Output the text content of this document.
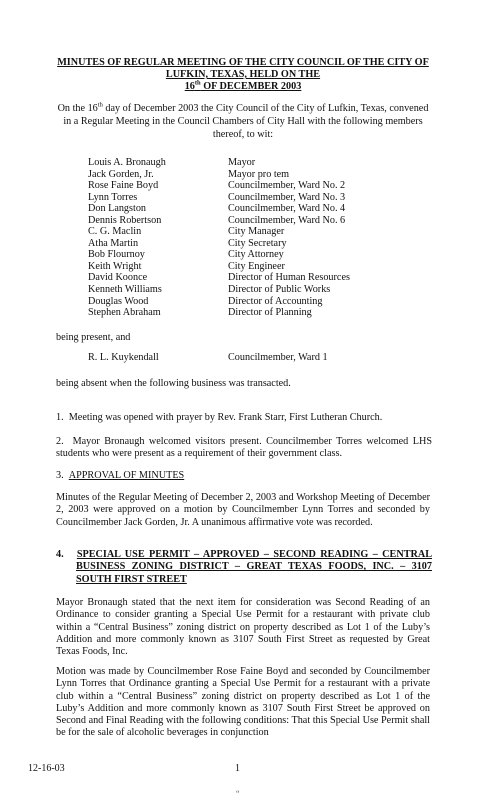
MINUTES OF REGULAR MEETING OF THE CITY COUNCIL OF THE CITY OF
LUFKIN, TEXAS, HELD ON THE
16th OF DECEMBER 2003
On the 16th day of December 2003 the City Council of the City of Lufkin, Texas, convened in a Regular Meeting in the Council Chambers of City Hall with the following members thereof, to wit:
Louis A. Bronaugh	Mayor
Jack Gorden, Jr.	Mayor pro tem
Rose Faine Boyd	Councilmember, Ward No. 2
Lynn Torres	Councilmember, Ward No. 3
Don Langston	Councilmember, Ward No. 4
Dennis Robertson	Councilmember, Ward No. 6
C. G. Maclin	City Manager
Atha Martin	City Secretary
Bob Flournoy	City Attorney
Keith Wright	City Engineer
David Koonce	Director of Human Resources
Kenneth Williams	Director of Public Works
Douglas Wood	Director of Accounting
Stephen Abraham	Director of Planning
being present, and
R. L. Kuykendall	Councilmember, Ward 1
being absent when the following business was transacted.
1. Meeting was opened with prayer by Rev. Frank Starr, First Lutheran Church.
2. Mayor Bronaugh welcomed visitors present. Councilmember Torres welcomed LHS students who were present as a requirement of their government class.
3. APPROVAL OF MINUTES
Minutes of the Regular Meeting of December 2, 2003 and Workshop Meeting of December 2, 2003 were approved on a motion by Councilmember Lynn Torres and seconded by Councilmember Jack Gorden, Jr. A unanimous affirmative vote was recorded.
4. SPECIAL USE PERMIT – APPROVED – SECOND READING – CENTRAL BUSINESS ZONING DISTRICT – GREAT TEXAS FOODS, INC. – 3107 SOUTH FIRST STREET
Mayor Bronaugh stated that the next item for consideration was Second Reading of an Ordinance to consider granting a Special Use Permit for a restaurant with private club within a “Central Business” zoning district on property described as Lot 1 of the Luby’s Addition and more commonly known as 3107 South First Street as requested by Great Texas Foods, Inc.
Motion was made by Councilmember Rose Faine Boyd and seconded by Councilmember Lynn Torres that Ordinance granting a Special Use Permit for a restaurant with a private club within a “Central Business” zoning district on property described as Lot 1 of the Luby’s Addition and more commonly known as 3107 South First Street be approved on Second and Final Reading with the following conditions: That this Special Use Permit shall be for the sale of alcoholic beverages in conjunction
12-16-03	1
“
